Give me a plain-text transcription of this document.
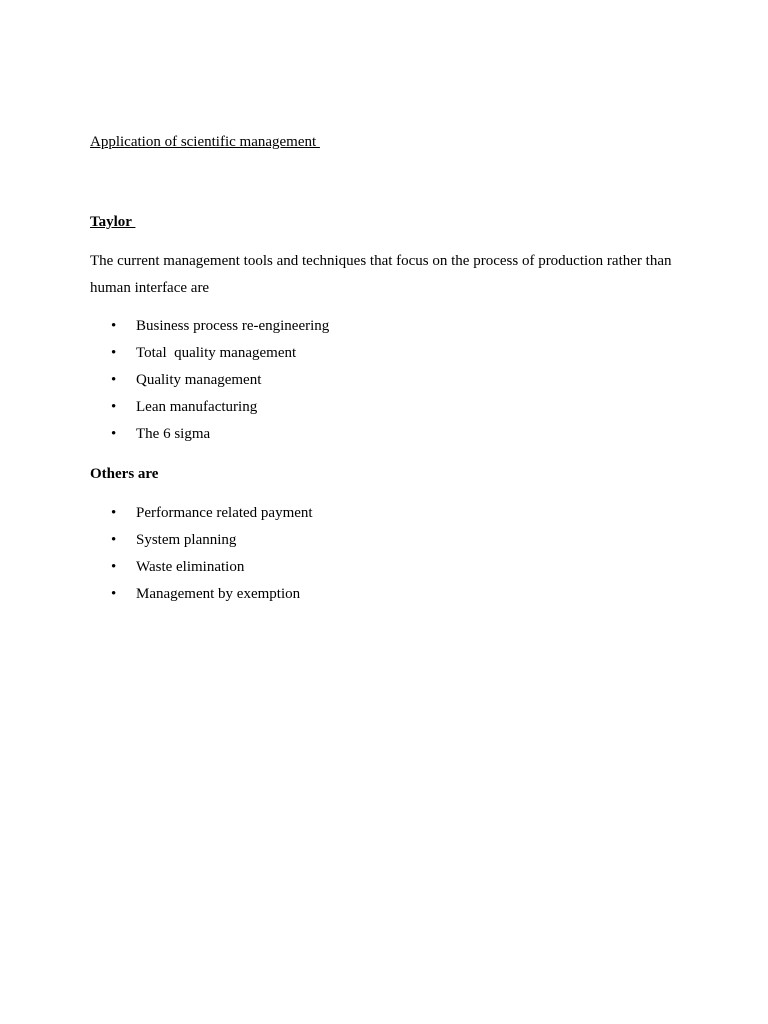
Application of scientific management
Taylor

The current management tools and techniques that focus on the process of production rather than human interface are

• Business process re-engineering
• Total  quality management
• Quality management
• Lean manufacturing
• The 6 sigma
Others are
• Performance related payment
• System planning
• Waste elimination
• Management by exemption
